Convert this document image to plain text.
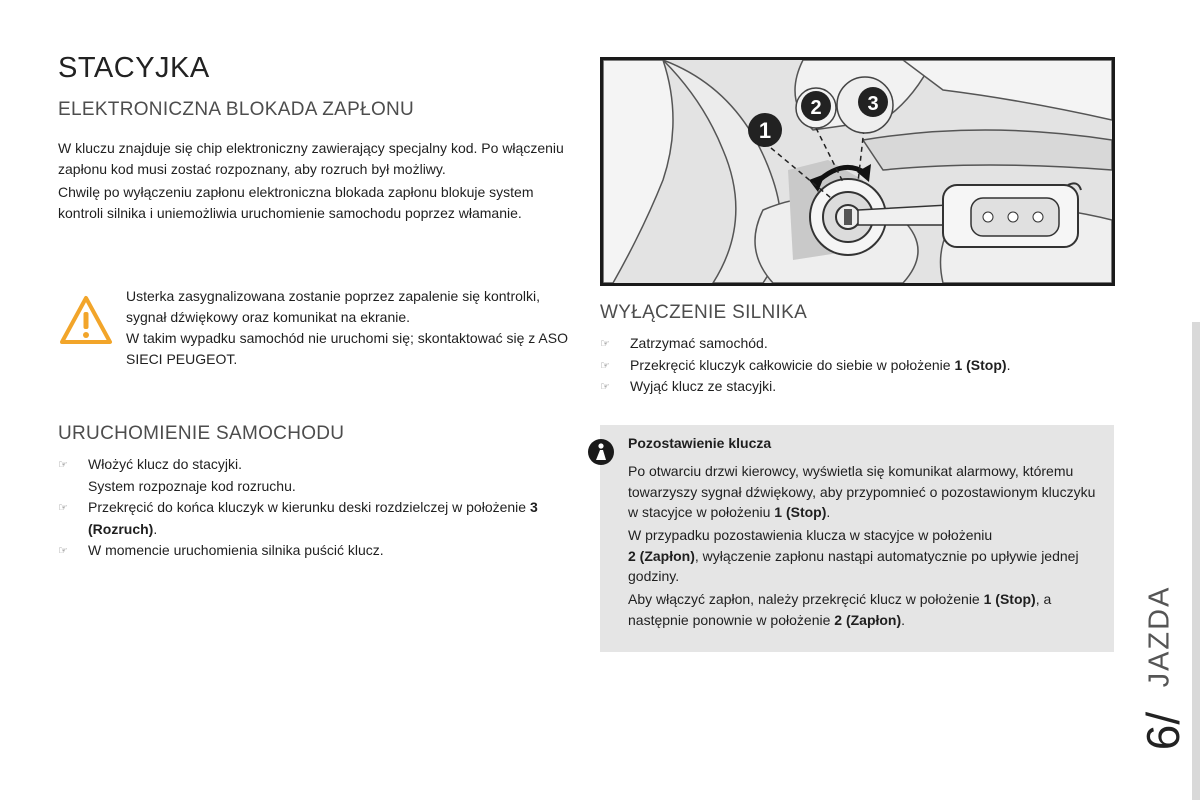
STACYJKA
ELEKTRONICZNA BLOKADA ZAPŁONU

W kluczu znajduje się chip elektroniczny zawierający specjalny kod. Po włączeniu zapłonu kod musi zostać rozpoznany, aby rozruch był możliwy.

Chwilę po wyłączeniu zapłonu elektroniczna blokada zapłonu blokuje system kontroli silnika i uniemożliwia uruchomienie samochodu poprzez włamanie.

Usterka zasygnalizowana zostanie poprzez zapalenie się kontrolki, sygnał dźwiękowy oraz komunikat na ekranie.

W takim wypadku samochód nie uruchomi się; skontaktować się z ASO SIECI PEUGEOT.

URUCHOMIENIE SAMOCHODU
☞ Włożyć klucz do stacyjki.
System rozpoznaje kod rozruchu.
☞ Przekręcić do końca kluczyk w kierunku deski rozdzielczej w położenie 3 (Rozruch).
☞ W momencie uruchomienia silnika puścić klucz.
1
2 3
WYŁĄCZENIE SILNIKA
☞ Zatrzymać samochód.
☞ Przekręcić kluczyk całkowicie do siebie w położenie 1 (Stop).
☞ Wyjąć klucz ze stacyjki.
Pozostawienie klucza

Po otwarciu drzwi kierowcy, wyświetla się komunikat alarmowy, któremu towarzyszy sygnał dźwiękowy, aby przypomnieć o pozostawionym kluczyku w stacyjce w położeniu 1 (Stop).

W przypadku pozostawienia klucza w stacyjce w położeniu
2 (Zapłon), wyłączenie zapłonu nastąpi automatycznie po upływie jednej godziny.

Aby włączyć zapłon, należy przekręcić klucz w położenie 1 (Stop), a następnie ponownie w położenie 2 (Zapłon).

6/
JAZDA
